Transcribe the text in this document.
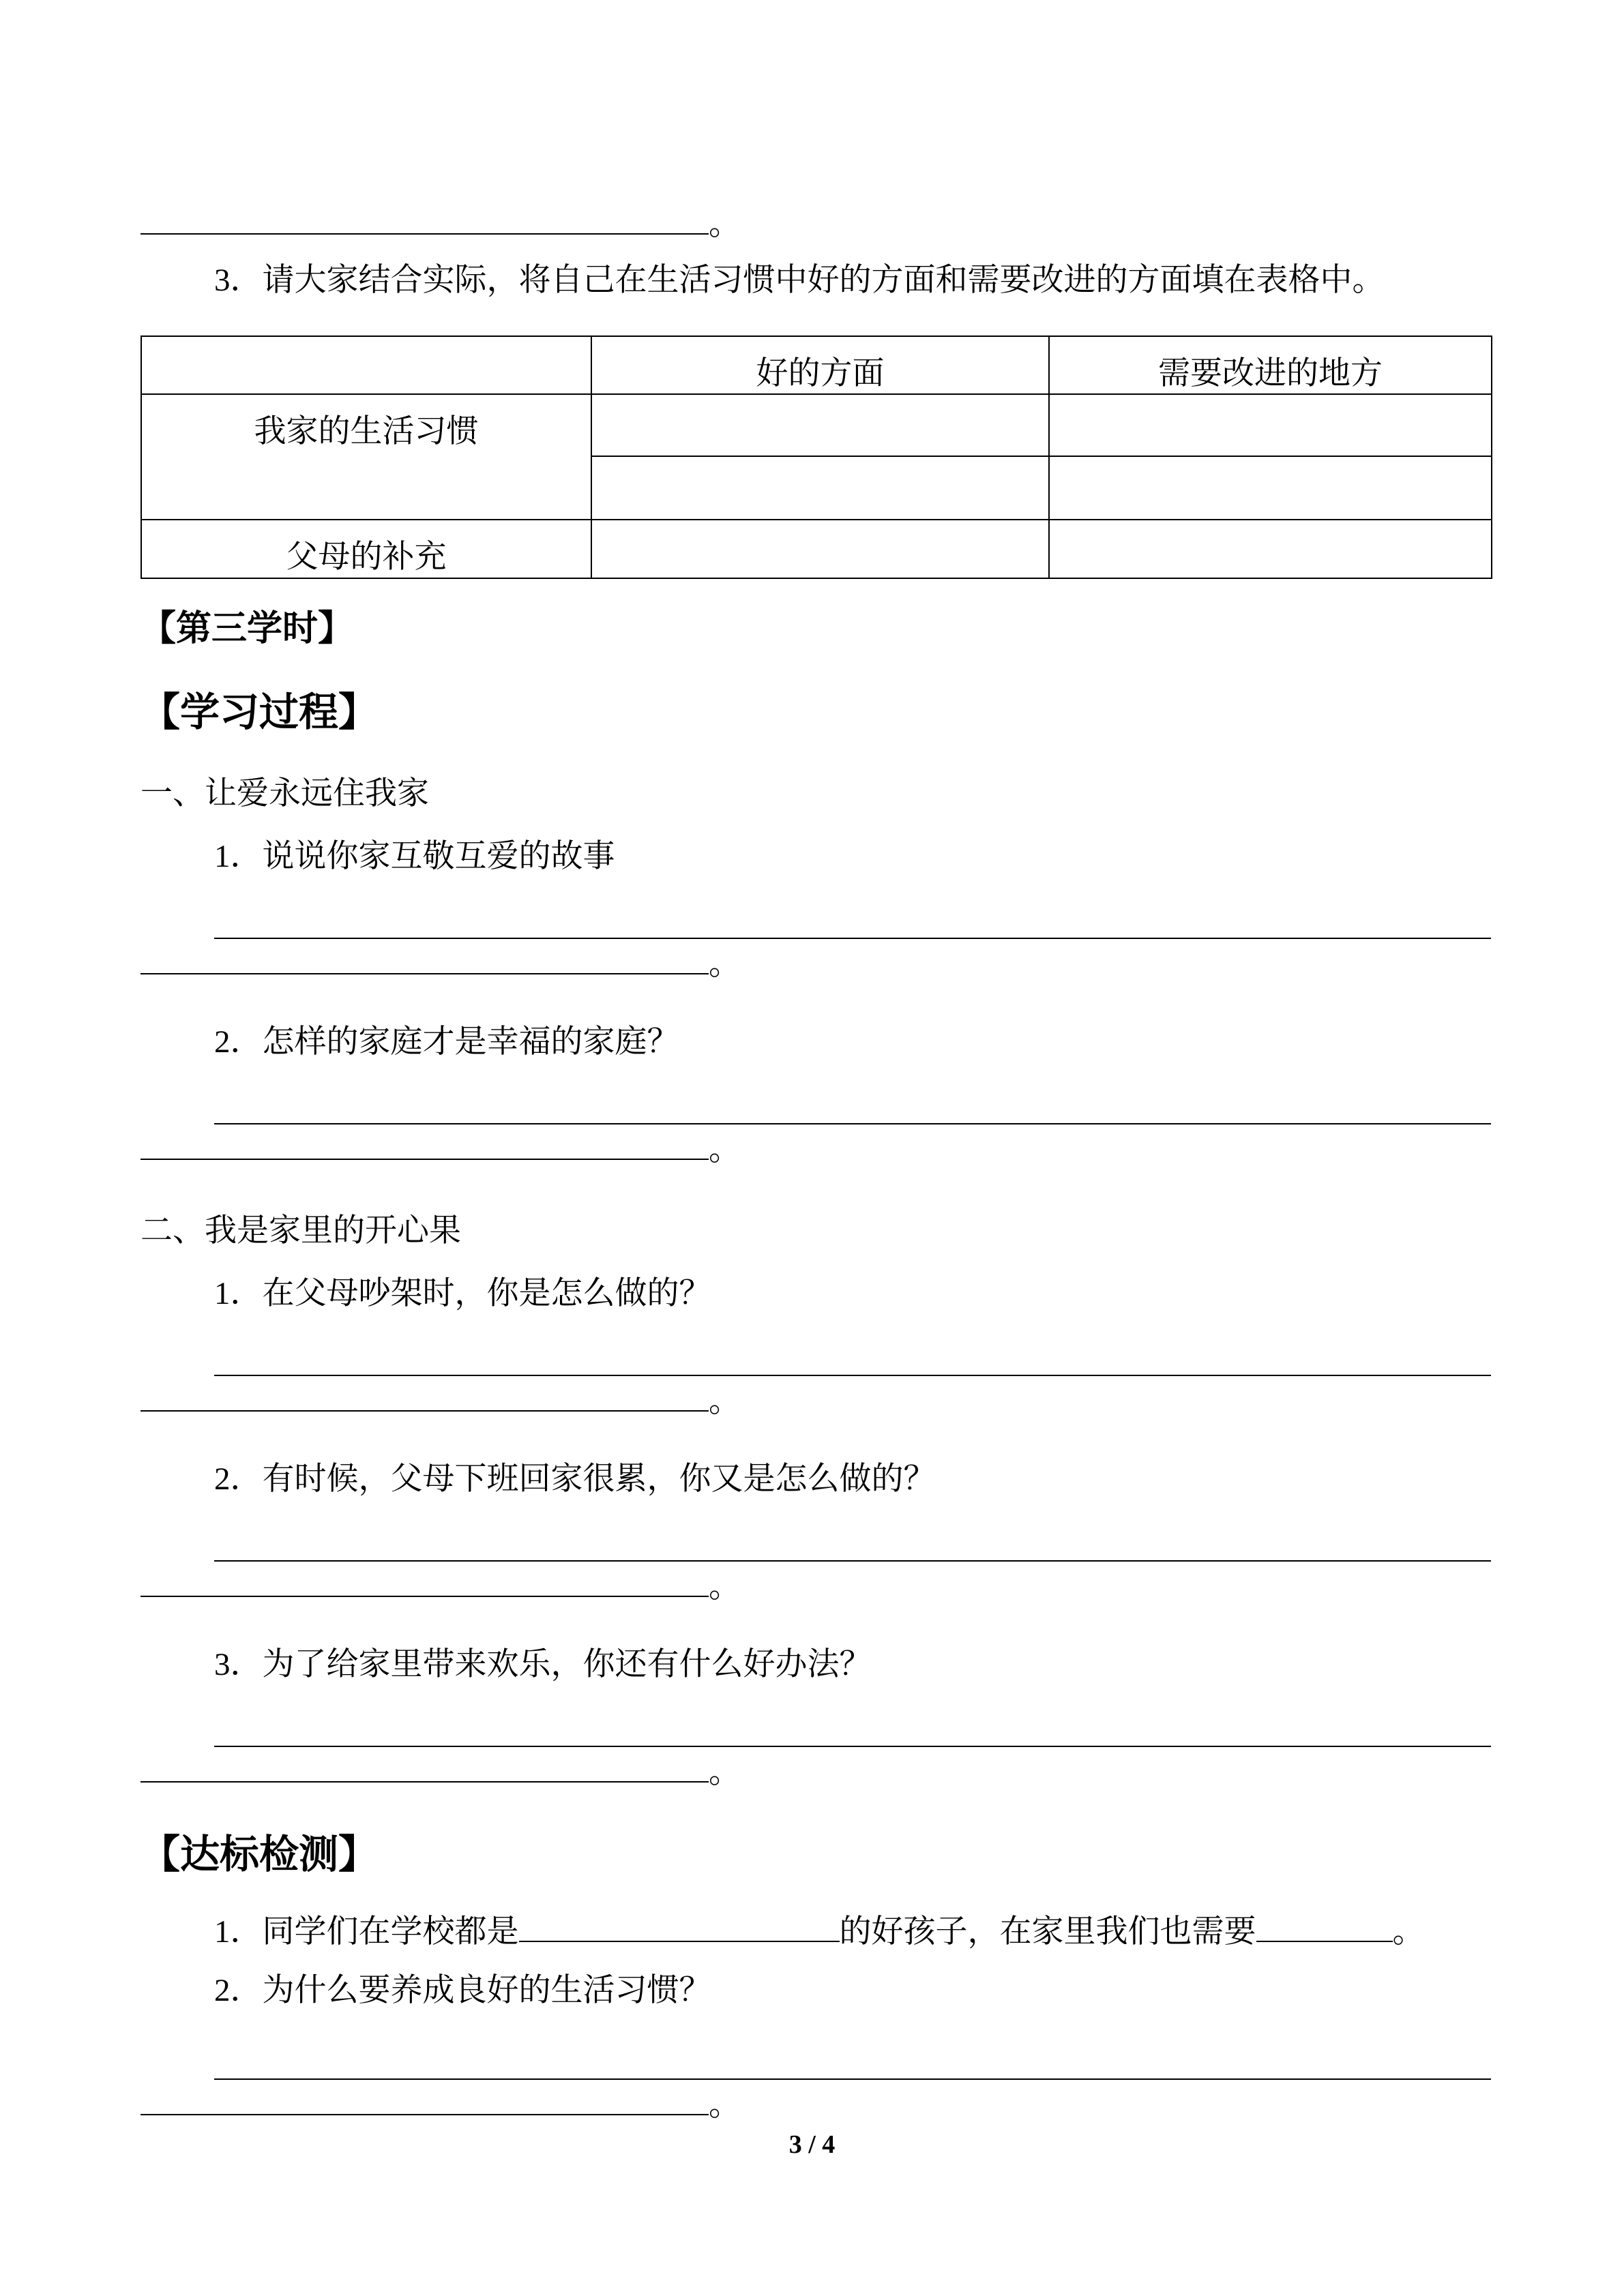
。

3．请大家结合实际，将自己在生活习惯中好的方面和需要改进的方面填在表格中。

	好的方面	需要改进的地方
我家的生活习惯		

父母的补充		
【第三学时】
【学习过程】

一、让爱永远住我家

1．说说你家互敬互爱的故事

。

2．怎样的家庭才是幸福的家庭？

。

二、我是家里的开心果

1．在父母吵架时，你是怎么做的？

。

2．有时候，父母下班回家很累，你又是怎么做的？

。

3．为了给家里带来欢乐，你还有什么好办法？

。
【达标检测】

1．同学们在学校都是	的好孩子，在家里我们也需要	。

2．为什么要养成良好的生活习惯？

。
3 / 4
